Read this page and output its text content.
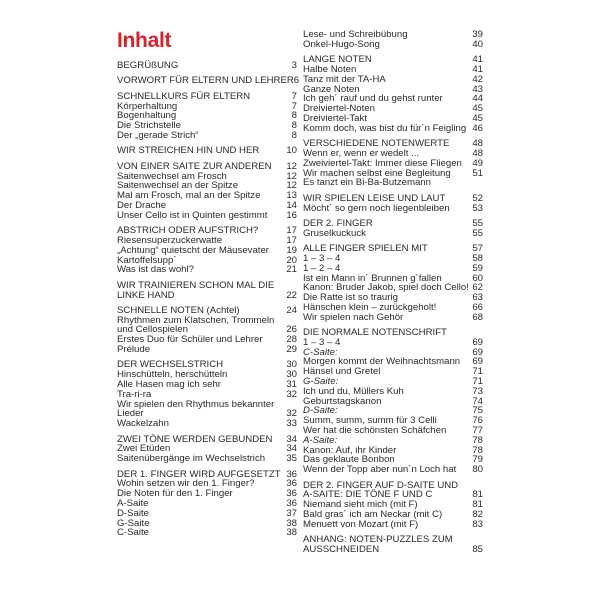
Inhalt
BEGRÜßUNG	3
VORWORT FÜR ELTERN UND LEHRER 6
SCHNELLKURS FÜR ELTERN	7
Körperhaltung	7
Bogenhaltung	8
Die Strichstelle	8
Der „gerade Strich“	8
WIR STREICHEN HIN UND HER	10
VON EINER SAITE ZUR ANDEREN	12
Saitenwechsel am Frosch	12
Saitenwechsel an der Spitze	12
Mal am Frosch, mal an der Spitze	13
Der Drache	14
Unser Cello ist in Quinten gestimmt	16
ABSTRICH ODER AUFSTRICH?	17
Riesensuperzuckerwatte	17
„Achtung“ quietscht der Mäusevater	19
Kartoffelsupp´	20
Was ist das wohl?	21
WIR TRAINIEREN SCHON MAL DIE LINKE HAND	22
SCHNELLE NOTEN (Achtel)	24
Rhythmen zum Klatschen, Trommeln und Cellospielen	26
Erstes Duo für Schüler und Lehrer	28
Prélude	29
DER WECHSELSTRICH	30
Hinschütteln, herschütteln	30
Alle Hasen mag ich sehr	31
Tra-ri-ra	32
Wir spielen den Rhythmus bekannter Lieder	32
Wackelzahn	33
ZWEI TÖNE WERDEN GEBUNDEN	34
Zwei Etüden	34
Saitenübergänge im Wechselstrich	35
DER 1. FINGER WIRD AUFGESETZT 36
Wohin setzen wir den 1. Finger?	36
Die Noten für den 1. Finger	36
A-Saite	36
D-Saite	37
G-Saite	38
C-Saite	38
Lese- und Schreibübung	39
Onkel-Hugo-Song	40
LANGE NOTEN	41
Halbe Noten	41
Tanz mit der TA-HA	42
Ganze Noten	43
Ich geh´ rauf und du gehst runter	44
Dreiviertel-Noten	45
Dreiviertel-Takt	45
Komm doch, was bist du für´n Feigling 46
VERSCHIEDENE NOTENWERTE	48
Wenn er, wenn er wedelt ...	48
Zweiviertel-Takt: Immer diese Fliegen	49
Wir machen selbst eine Begleitung	51
Es tanzt ein Bi-Ba-Butzemann
WIR SPIELEN LEISE UND LAUT	52
Möcht´ so gern noch liegenbleiben	53
DER 2. FINGER	55
Gruselkuckuck	55
ALLE FINGER SPIELEN MIT	57
1 – 3 – 4	58
1 – 2 – 4	59
Ist ein Mann in´ Brunnen g´fallen	60
Kanon: Bruder Jakob, spiel doch Cello! 62
Die Ratte ist so traurig	63
Hänschen klein – zurückgeholt!	66
Wir spielen nach Gehör	68
DIE NORMALE NOTENSCHRIFT
1 – 3 – 4	69
C-Saite:	69
Morgen kommt der Weihnachtsmann	69
Hänsel und Gretel	71
G-Saite:	71
Ich und du, Müllers Kuh	73
Geburtstagskanon	74
D-Saite:	75
Summ, summ, summ für 3 Celli	76
Wer hat die schönsten Schäfchen	77
A-Saite:	78
Kanon: Auf, ihr Kinder	78
Das geklaute Bonbon	79
Wenn der Topp aber nun´n Loch hat	80
DER 2. FINGER AUF D-SAITE UND A-SAITE: DIE TÖNE F UND C	81
Niemand sieht mich (mit F)	81
Bald gras´ ich am Neckar (mit C)	82
Menuett von Mozart (mit F)	83
ANHANG: NOTEN-PUZZLES ZUM AUSSCHNEIDEN	85
